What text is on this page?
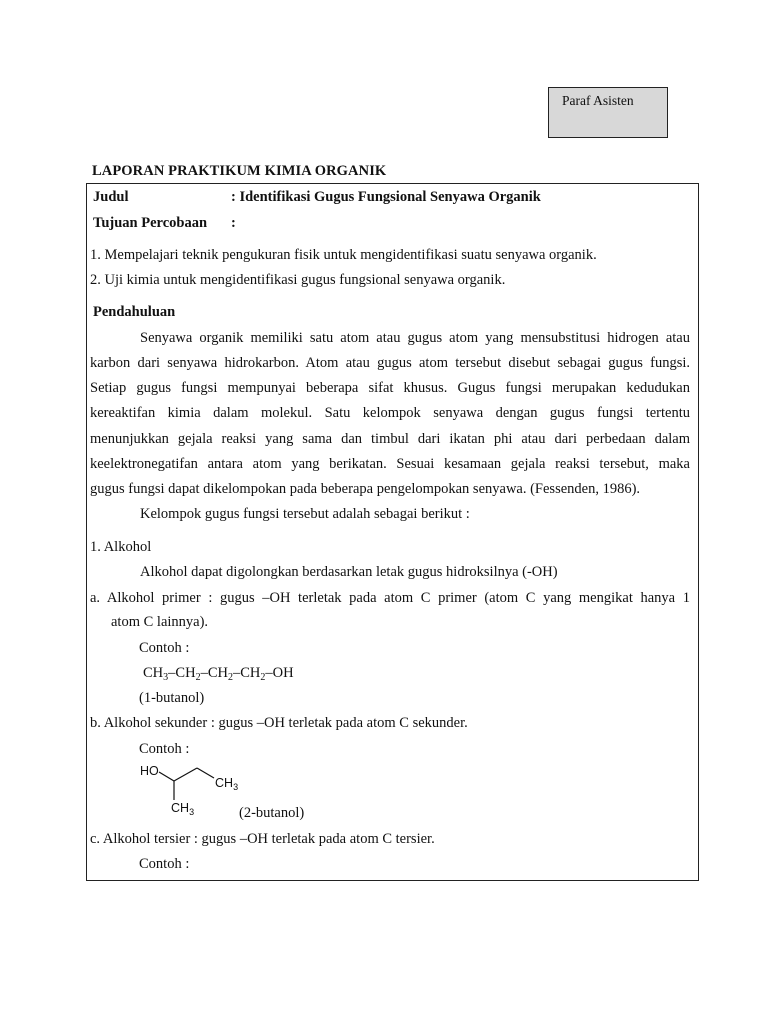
Paraf Asisten
LAPORAN PRAKTIKUM KIMIA ORGANIK
Judul	: Identifikasi Gugus Fungsional Senyawa Organik
Tujuan Percobaan :
1. Mempelajari teknik pengukuran fisik untuk mengidentifikasi suatu senyawa organik.
2. Uji kimia untuk mengidentifikasi gugus fungsional senyawa organik.
Pendahuluan
Senyawa organik memiliki satu atom atau gugus atom yang mensubstitusi hidrogen atau
karbon dari senyawa hidrokarbon. Atom atau gugus atom tersebut disebut sebagai gugus fungsi.
Setiap gugus fungsi mempunyai beberapa sifat khusus. Gugus fungsi merupakan kedudukan
kereaktifan kimia dalam molekul. Satu kelompok senyawa dengan gugus fungsi tertentu
menunjukkan gejala reaksi yang sama dan timbul dari ikatan phi atau dari perbedaan dalam
keelektronegatifan antara atom yang berikatan. Sesuai kesamaan gejala reaksi tersebut, maka
gugus fungsi dapat dikelompokan pada beberapa pengelompokan senyawa. (Fessenden, 1986).
Kelompok gugus fungsi tersebut adalah sebagai berikut :
1. Alkohol
Alkohol dapat digolongkan berdasarkan letak gugus hidroksilnya (-OH)
a. Alkohol primer : gugus –OH terletak pada atom C primer (atom C yang mengikat hanya 1
atom C lainnya).
Contoh :
$CH_3-CH_2-CH_2-CH_2-OH$
(1-butanol)
b. Alkohol sekunder : gugus –OH terletak pada atom C sekunder.
Contoh :
HO
$CH_3$
$CH_3$	(2-butanol)
c. Alkohol tersier : gugus –OH terletak pada atom C tersier.
Contoh :
